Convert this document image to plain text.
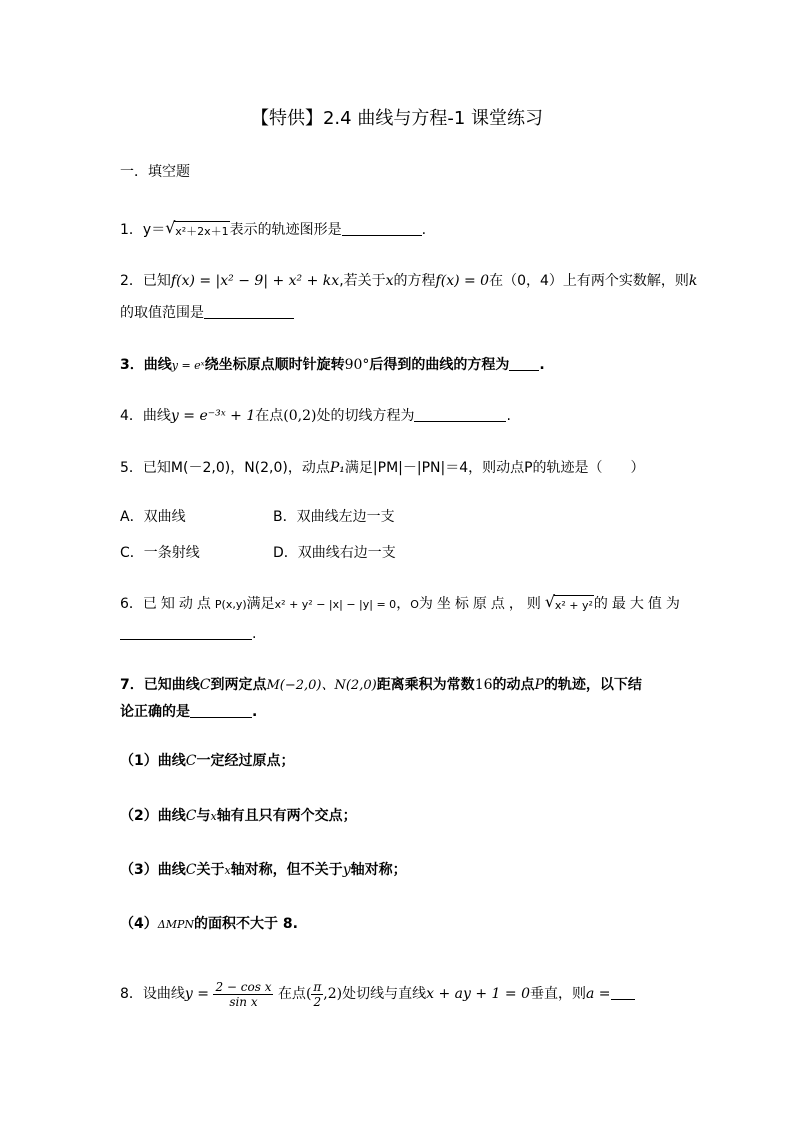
【特供】2.4 曲线与方程-1 课堂练习
一．填空题
1．y＝ √ x²＋2x＋1表示的轨迹图形是	.
2．已知f(x) = |x² − 9| + x² + kx,若关于x的方程f(x) = 0在（0，4）上有两个实数解，则k
的取值范围是
3．曲线y = eˣ绕坐标原点顺时针旋转90°后得到的曲线的方程为 .
4．曲线y = e⁻³ˣ + 1在点(0,2)处的切线方程为	.
5．已知M(－2,0)，N(2,0)，动点P₁满足|PM|－|PN|＝4，则动点P的轨迹是（　　）
A．双曲线	B．双曲线左边一支
C．一条射线	D．双曲线右边一支
6．已知动点P(x,y)满足x² + y² − |x| − |y| = 0，O为坐标原点，则 √ x² + y²的最大值为
.
7．已知曲线C到两定点M(−2,0)、N(2,0)距离乘积为常数16的动点P的轨迹，以下结
论正确的是	.
（1）曲线C一定经过原点；
（2）曲线C与x轴有且只有两个交点；
（3）曲线C关于x轴对称，但不关于y轴对称；
（4）ΔMPN的面积不大于 8.
8．设曲线$y = \frac{\text{2 − cos x}}{\text{sin x}}$ 在点( $\frac{\pi}{2} ,2$)处切线与直线x + ay + 1 = 0垂直，则a =
